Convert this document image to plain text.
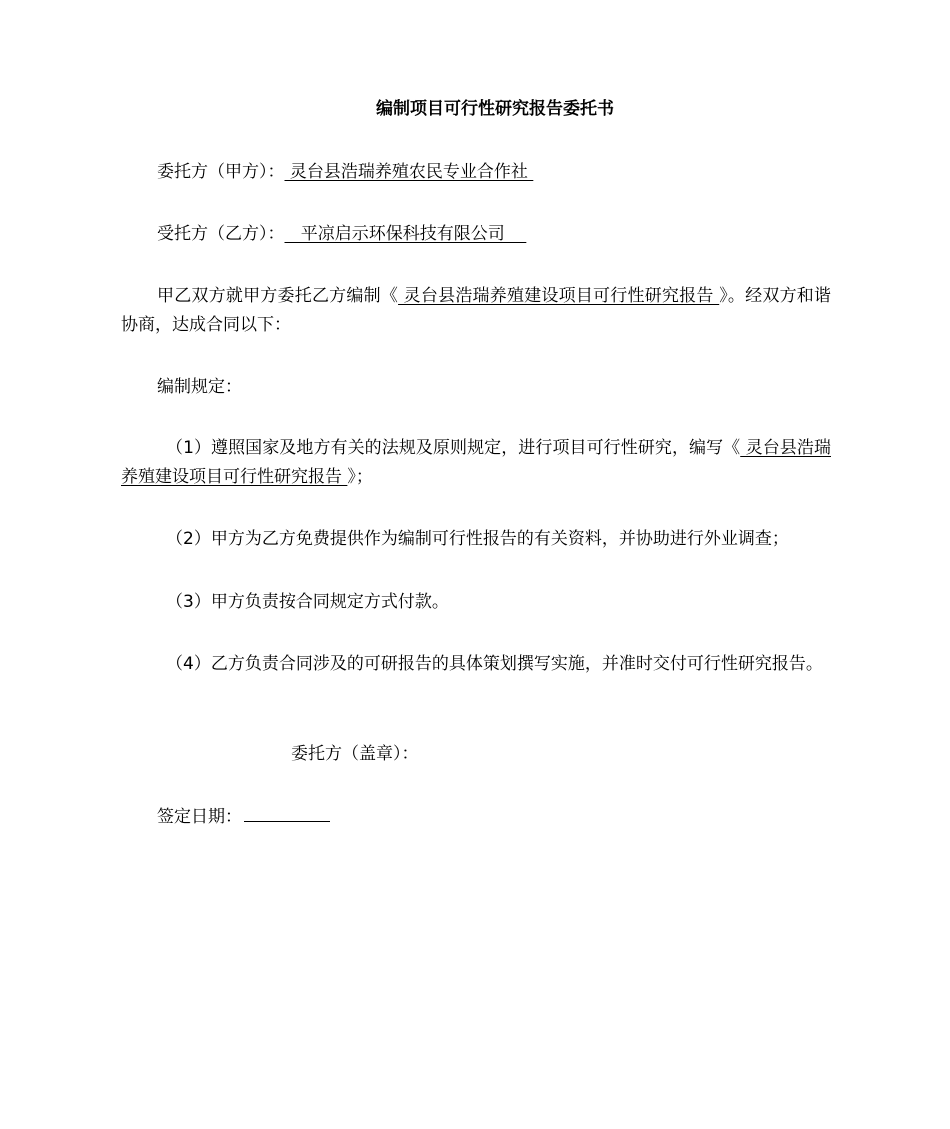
编制项目可行性研究报告委托书
委托方（甲方）： 灵台县浩瑞养殖农民专业合作社
受托方（乙方）：   平凉启示环保科技有限公司
甲乙双方就甲方委托乙方编制《 灵台县浩瑞养殖建设项目可行性研究报告 》。经双方和谐协商，达成合同以下：
编制规定：
（1）遵照国家及地方有关的法规及原则规定，进行项目可行性研究，编写《 灵台县浩瑞养殖建设项目可行性研究报告 》；
（2）甲方为乙方免费提供作为编制可行性报告的有关资料，并协助进行外业调查；
（3）甲方负责按合同规定方式付款。
（4）乙方负责合同涉及的可研报告的具体策划撰写实施，并准时交付可行性研究报告。
委托方（盖章）：
签定日期：
